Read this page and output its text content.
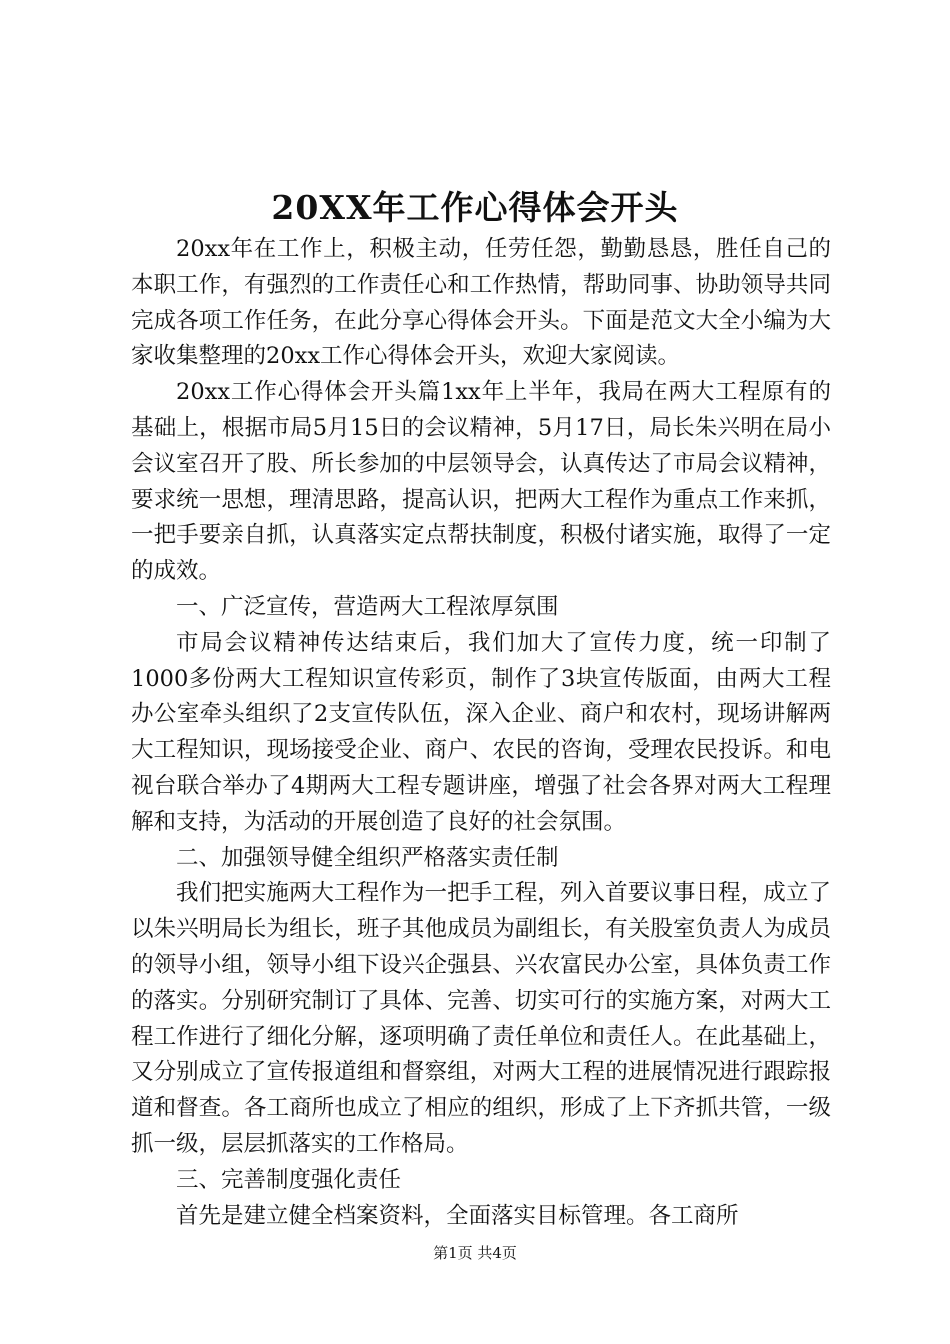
20XX年工作心得体会开头

20xx年在工作上，积极主动，任劳任怨，勤勤恳恳，胜任自己的本职工作，有强烈的工作责任心和工作热情，帮助同事、协助领导共同完成各项工作任务，在此分享心得体会开头。下面是范文大全小编为大家收集整理的20xx工作心得体会开头，欢迎大家阅读。

20xx工作心得体会开头篇1xx年上半年，我局在两大工程原有的基础上，根据市局5月15日的会议精神，5月17日，局长朱兴明在局小会议室召开了股、所长参加的中层领导会，认真传达了市局会议精神，要求统一思想，理清思路，提高认识，把两大工程作为重点工作来抓，一把手要亲自抓，认真落实定点帮扶制度，积极付诸实施，取得了一定的成效。

一、广泛宣传，营造两大工程浓厚氛围

市局会议精神传达结束后，我们加大了宣传力度，统一印制了1000多份两大工程知识宣传彩页，制作了3块宣传版面，由两大工程办公室牵头组织了2支宣传队伍，深入企业、商户和农村，现场讲解两大工程知识，现场接受企业、商户、农民的咨询，受理农民投诉。和电视台联合举办了4期两大工程专题讲座，增强了社会各界对两大工程理解和支持，为活动的开展创造了良好的社会氛围。

二、加强领导健全组织严格落实责任制

我们把实施两大工程作为一把手工程，列入首要议事日程，成立了以朱兴明局长为组长，班子其他成员为副组长，有关股室负责人为成员的领导小组，领导小组下设兴企强县、兴农富民办公室，具体负责工作的落实。分别研究制订了具体、完善、切实可行的实施方案，对两大工程工作进行了细化分解，逐项明确了责任单位和责任人。在此基础上，又分别成立了宣传报道组和督察组，对两大工程的进展情况进行跟踪报道和督查。各工商所也成立了相应的组织，形成了上下齐抓共管，一级抓一级，层层抓落实的工作格局。

三、完善制度强化责任

首先是建立健全档案资料，全面落实目标管理。各工商所

第1页 共4页
